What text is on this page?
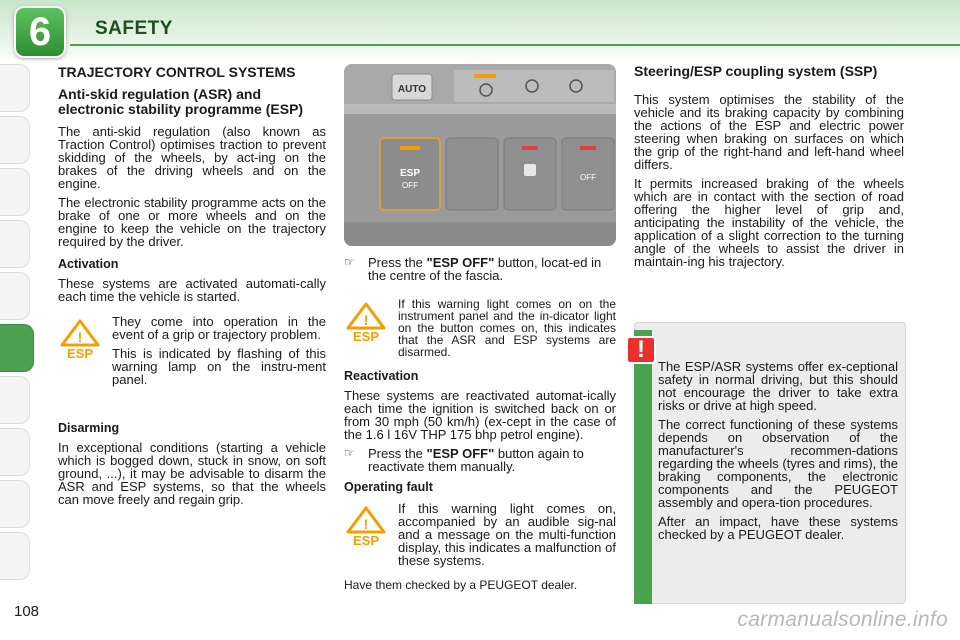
6	SAFETY
TRAJECTORY CONTROL SYSTEMS
Anti-skid regulation (ASR) and electronic stability programme (ESP)

The anti-skid regulation (also known as Traction Control) optimises traction to prevent skidding of the wheels, by act-ing on the brakes of the driving wheels and on the engine.

The electronic stability programme acts on the brake of one or more wheels and on the engine to keep the vehicle on the trajectory required by the driver.

Activation

These systems are activated automati-cally each time the vehicle is started.

!
ESP

They come into operation in the event of a grip or trajectory problem.

This is indicated by flashing of this warning lamp on the instru-ment panel.

Disarming

In exceptional conditions (starting a vehicle which is bogged down, stuck in snow, on soft ground, ...), it may be advisable to disarm the ASR and ESP systems, so that the wheels can move freely and regain grip.

AUTO
ESP
OFF
OFF
☞	Press the "ESP OFF" button, locat-ed in the centre of the fascia.
!
ESP

If this warning light comes on on the instrument panel and the in-dicator light on the button comes on, this indicates that the ASR and ESP systems are disarmed.

Reactivation

These systems are reactivated automat-ically each time the ignition is switched back on or from 30 mph (50 km/h) (ex-cept in the case of the 1.6 l 16V THP 175 bhp petrol engine).

☞	Press the "ESP OFF" button again to reactivate them manually.
Operating fault
!
ESP

If this warning light comes on, accompanied by an audible sig-nal and a message on the multi-function display, this indicates a malfunction of these systems.

Have them checked by a PEUGEOT dealer.

Steering/ESP coupling system (SSP)

This system optimises the stability of the vehicle and its braking capacity by combining the actions of the ESP and electric power steering when braking on surfaces on which the grip of the right-hand and left-hand wheel differs.

It permits increased braking of the wheels which are in contact with the section of road offering the higher level of grip and, anticipating the instability of the vehicle, the application of a slight correction to the turning angle of the wheels to assist the driver in maintain-ing his trajectory.

!

The ESP/ASR systems offer ex-ceptional safety in normal driving, but this should not encourage the driver to take extra risks or drive at high speed.

The correct functioning of these systems depends on observation of the manufacturer's recommen-dations regarding the wheels (tyres and rims), the braking components, the electronic components and the PEUGEOT assembly and opera-tion procedures.

After an impact, have these systems checked by a PEUGEOT dealer.

108	carmanualsonline.info
